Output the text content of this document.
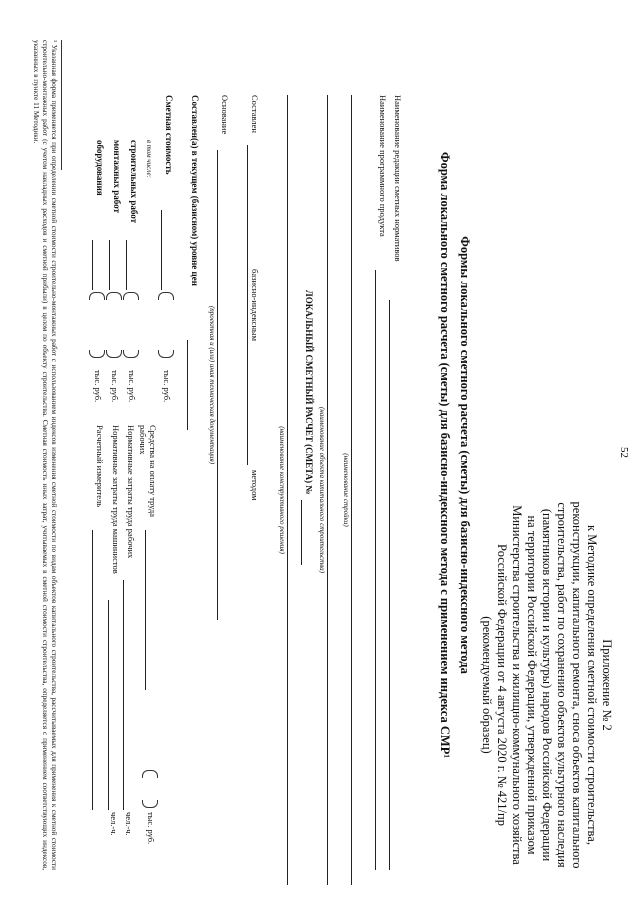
52
Приложение № 2
к Методике определения сметной стоимости строительства,
реконструкции, капитального ремонта, сноса объектов капитального
строительства, работ по сохранению объектов культурного наследия
(памятников истории и культуры) народов Российской Федерации
на территории Российской Федерации, утвержденной приказом
Министерства строительства и жилищно-коммунального хозяйства
Российской Федерации от 4 августа 2020 г. № 421/пр
(рекомендуемый образец)
Формы локального сметного расчета (сметы) для базисно-индексного метода
Форма локального сметного расчета (сметы) для базисно-индексного метода с применением индекса СМР¹
Наименование редакции сметных нормативов
Наименование программного продукта
(наименование стройки)
(наименование объекта капитального строительства)
ЛОКАЛЬНЫЙ СМЕТНЫЙ РАСЧЕТ (СМЕТА) №
(наименование конструктивного решения)
Составлен
базисно-индексным
методом
Основание
(проектная и (или) иная техническая документация)
Составлен(а) в текущем (базисном) уровне цен
Сметная стоимость
тыс. руб.
в том числе:
строительных работ
тыс. руб.
монтажных работ
тыс. руб.
оборудования
тыс. руб.
Средства на оплату труда рабочих
тыс. руб.
Нормативные затраты труда рабочих
чел.-ч.
Нормативные затраты труда машинистов
чел.-ч.
Расчетный измеритель
¹ Указанная форма применяется при определении сметной стоимости строительно-монтажных работ с использованием индексов изменения сметной стоимости по видам объектов капитального строительства, рассчитываемых для применения к сметной стоимости строительно-монтажных работ (с учетом накладных расходов и сметной прибыли) в целом по объекту строительства. Сметная стоимость иных затрат, учитываемых в сметной стоимости строительства, определяется с применением соответствующих индексов, указанных в пункте 11 Методики.
